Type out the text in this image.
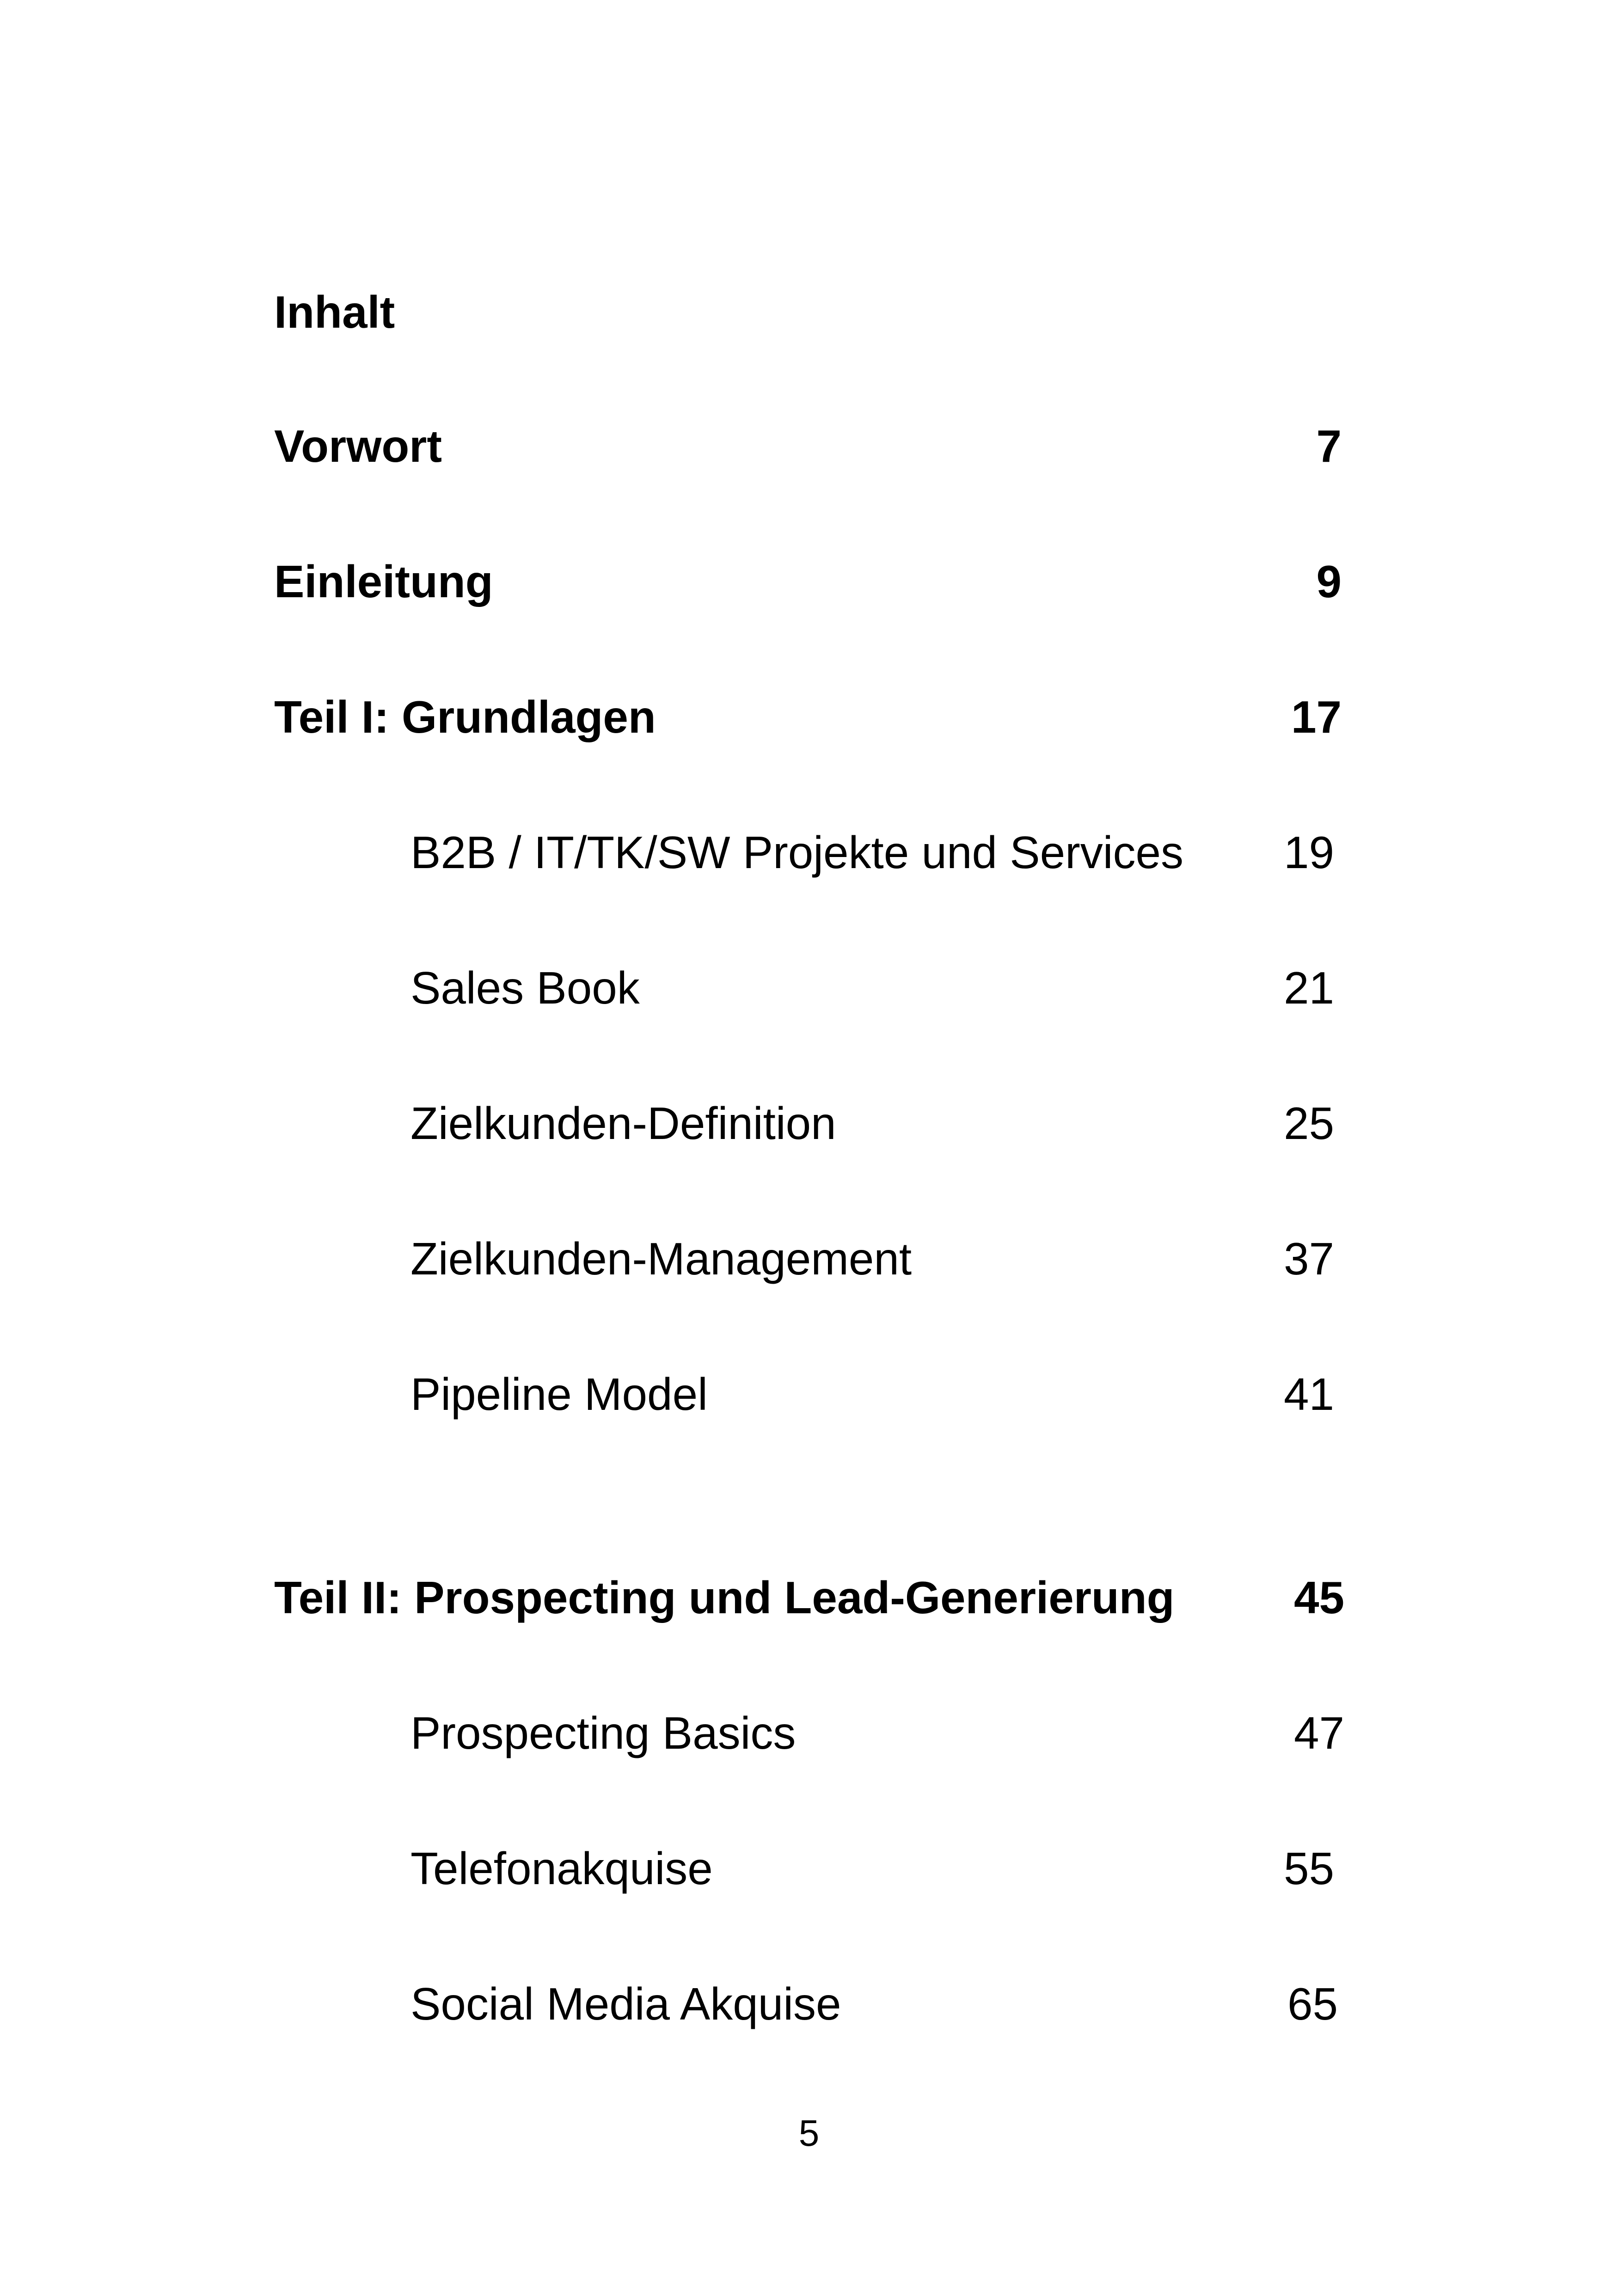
Inhalt
Vorwort	7
Einleitung	9
Teil I: Grundlagen	17
B2B / IT/TK/SW Projekte und Services	19
Sales Book	21
Zielkunden-Definition	25
Zielkunden-Management	37
Pipeline Model	41
Teil II: Prospecting und Lead-Generierung	45
Prospecting Basics	47
Telefonakquise	55
Social Media Akquise	65
5
